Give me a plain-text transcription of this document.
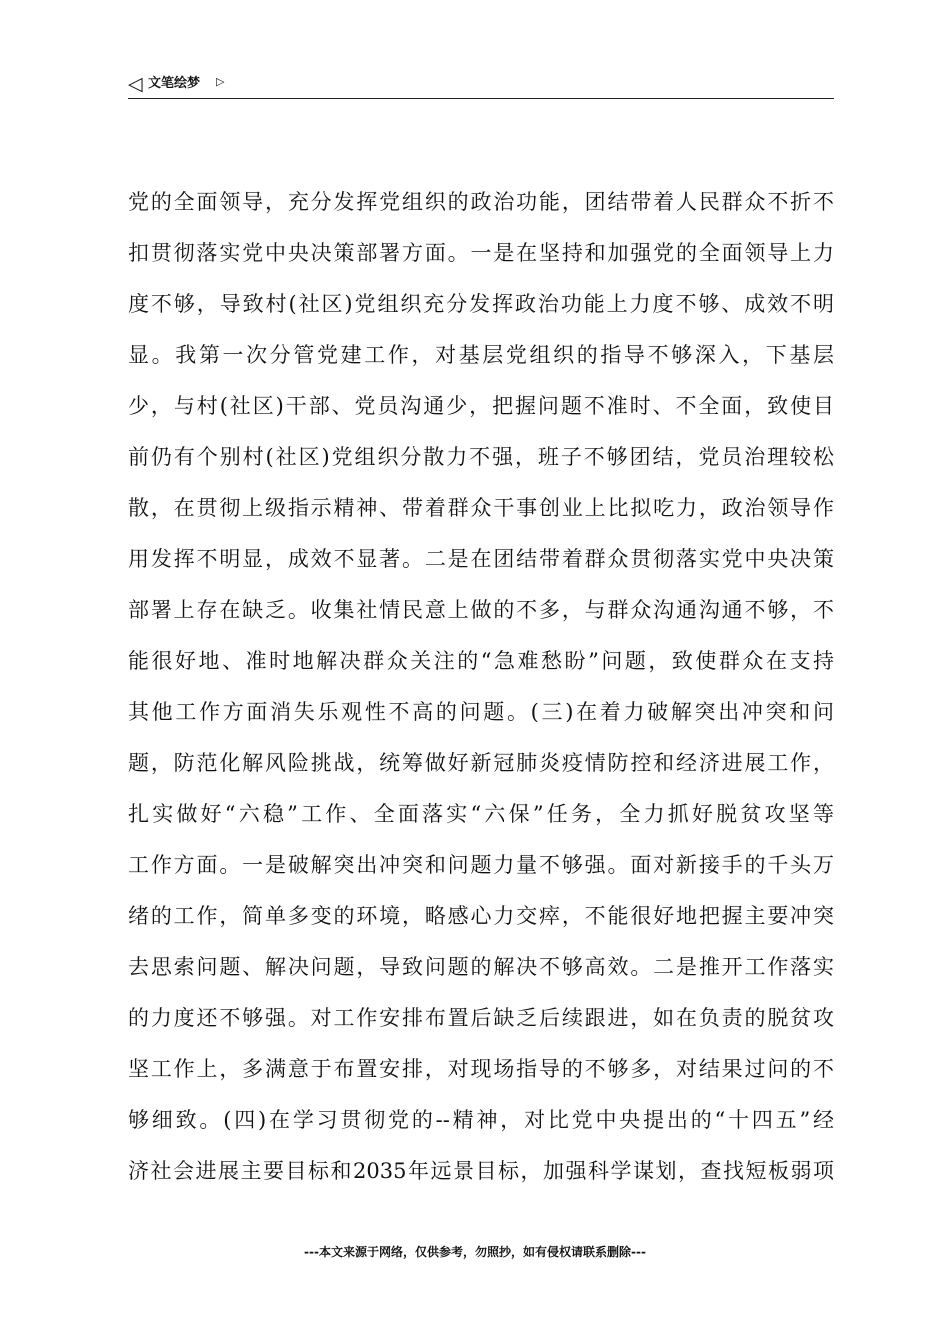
◁ 文笔绘梦 ▷
党的全面领导，充分发挥党组织的政治功能，团结带着人民群众不折不
扣贯彻落实党中央决策部署方面。一是在坚持和加强党的全面领导上力
度不够，导致村(社区)党组织充分发挥政治功能上力度不够、成效不明
显。我第一次分管党建工作，对基层党组织的指导不够深入，下基层
少，与村(社区)干部、党员沟通少，把握问题不准时、不全面，致使目
前仍有个别村(社区)党组织分散力不强，班子不够团结，党员治理较松
散，在贯彻上级指示精神、带着群众干事创业上比拟吃力，政治领导作
用发挥不明显，成效不显著。二是在团结带着群众贯彻落实党中央决策
部署上存在缺乏。收集社情民意上做的不多，与群众沟通沟通不够，不
能很好地、准时地解决群众关注的“急难愁盼”问题，致使群众在支持
其他工作方面消失乐观性不高的问题。(三)在着力破解突出冲突和问
题，防范化解风险挑战，统筹做好新冠肺炎疫情防控和经济进展工作，
扎实做好“六稳”工作、全面落实“六保”任务，全力抓好脱贫攻坚等
工作方面。一是破解突出冲突和问题力量不够强。面对新接手的千头万
绪的工作，简单多变的环境，略感心力交瘁，不能很好地把握主要冲突
去思索问题、解决问题，导致问题的解决不够高效。二是推开工作落实
的力度还不够强。对工作安排布置后缺乏后续跟进，如在负责的脱贫攻
坚工作上，多满意于布置安排，对现场指导的不够多，对结果过问的不
够细致。(四)在学习贯彻党的--精神，对比党中央提出的“十四五”经
济社会进展主要目标和2035年远景目标，加强科学谋划，查找短板弱项
---本文来源于网络，仅供参考，勿照抄，如有侵权请联系删除---
